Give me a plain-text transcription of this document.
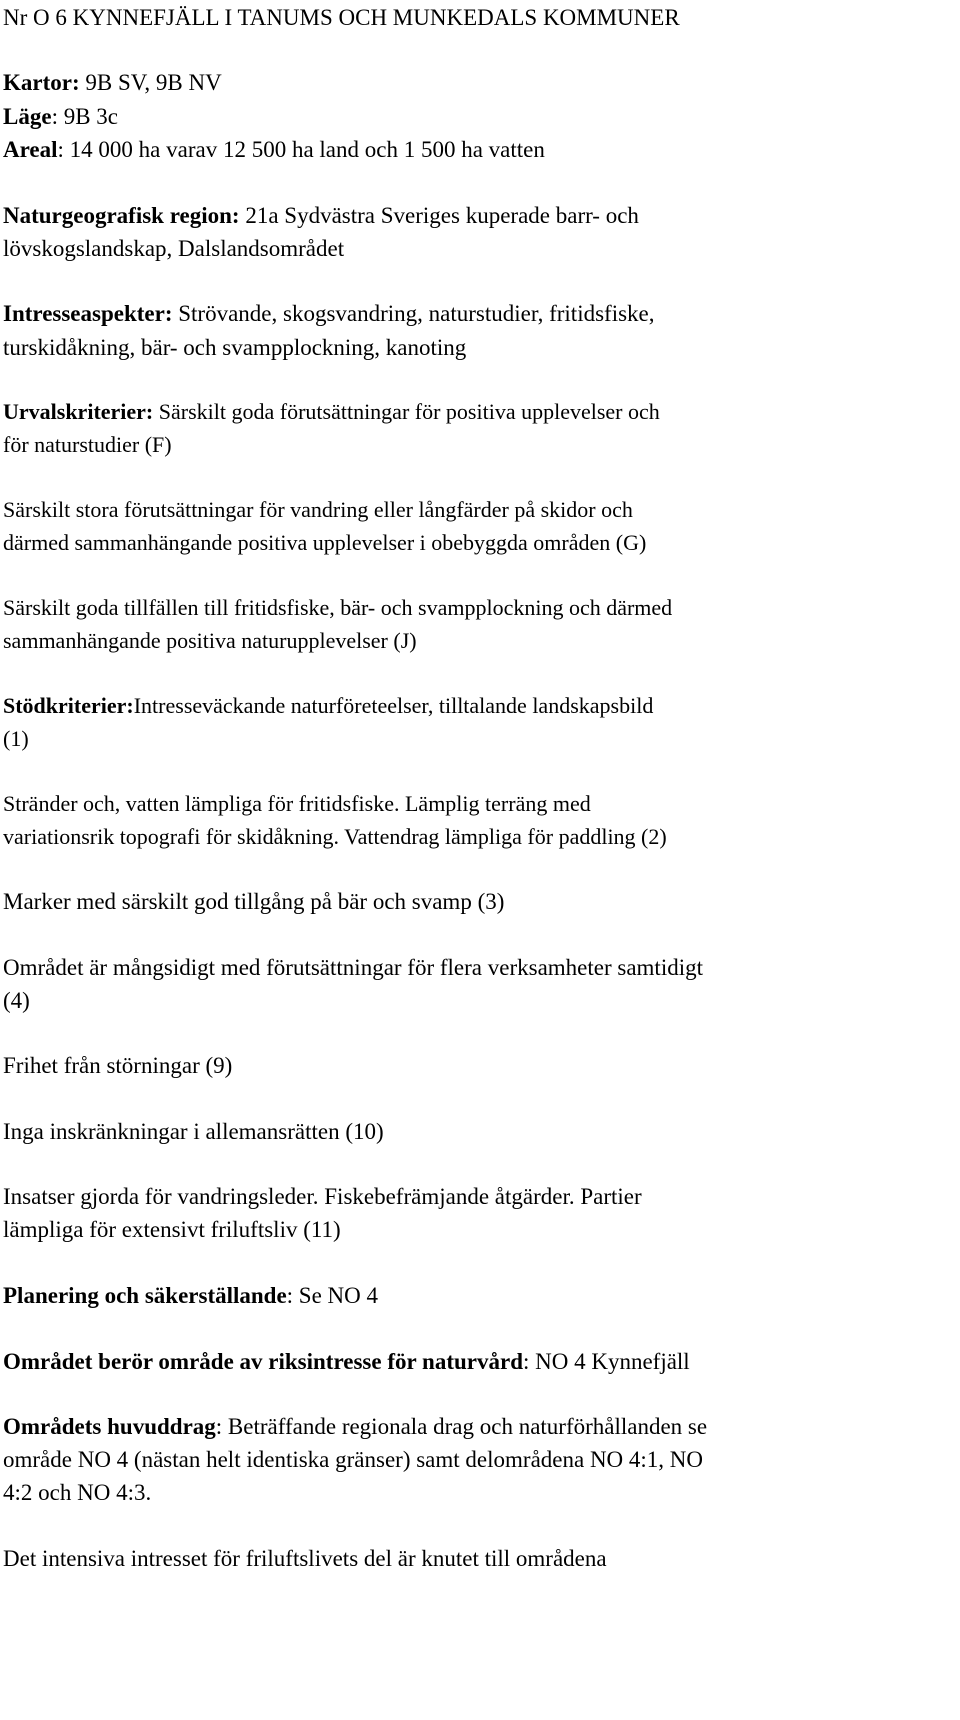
Nr O 6 KYNNEFJÄLL I TANUMS OCH MUNKEDALS KOMMUNER
Kartor: 9B SV, 9B NV
Läge: 9B 3c
Areal: 14 000 ha varav 12 500 ha land och 1 500 ha vatten
Naturgeografisk region: 21a Sydvästra Sveriges kuperade barr- och
lövskogslandskap, Dalslandsområdet
Intresseaspekter: Strövande, skogsvandring, naturstudier, fritidsfiske,
turskidåkning, bär- och svampplockning, kanoting
Urvalskriterier: Särskilt goda förutsättningar för positiva upplevelser och
för naturstudier (F)
Särskilt stora förutsättningar för vandring eller långfärder på skidor och
därmed sammanhängande positiva upplevelser i obebyggda områden (G)
Särskilt goda tillfällen till fritidsfiske, bär- och svampplockning och därmed
sammanhängande positiva naturupplevelser (J)
Stödkriterier:Intresseväckande naturföreteelser, tilltalande landskapsbild
(1)
Stränder och, vatten lämpliga för fritidsfiske. Lämplig terräng med
variationsrik topografi för skidåkning. Vattendrag lämpliga för paddling (2)
Marker med särskilt god tillgång på bär och svamp (3)
Området är mångsidigt med förutsättningar för flera verksamheter samtidigt
(4)
Frihet från störningar (9)
Inga inskränkningar i allemansrätten (10)
Insatser gjorda för vandringsleder. Fiskebefrämjande åtgärder. Partier
lämpliga för extensivt friluftsliv (11)
Planering och säkerställande: Se NO 4
Området berör område av riksintresse för naturvård: NO 4 Kynnefjäll
Områdets huvuddrag: Beträffande regionala drag och naturförhållanden se
område NO 4 (nästan helt identiska gränser) samt delområdena NO 4:1, NO
4:2 och NO 4:3.
Det intensiva intresset för friluftslivets del är knutet till områdena
